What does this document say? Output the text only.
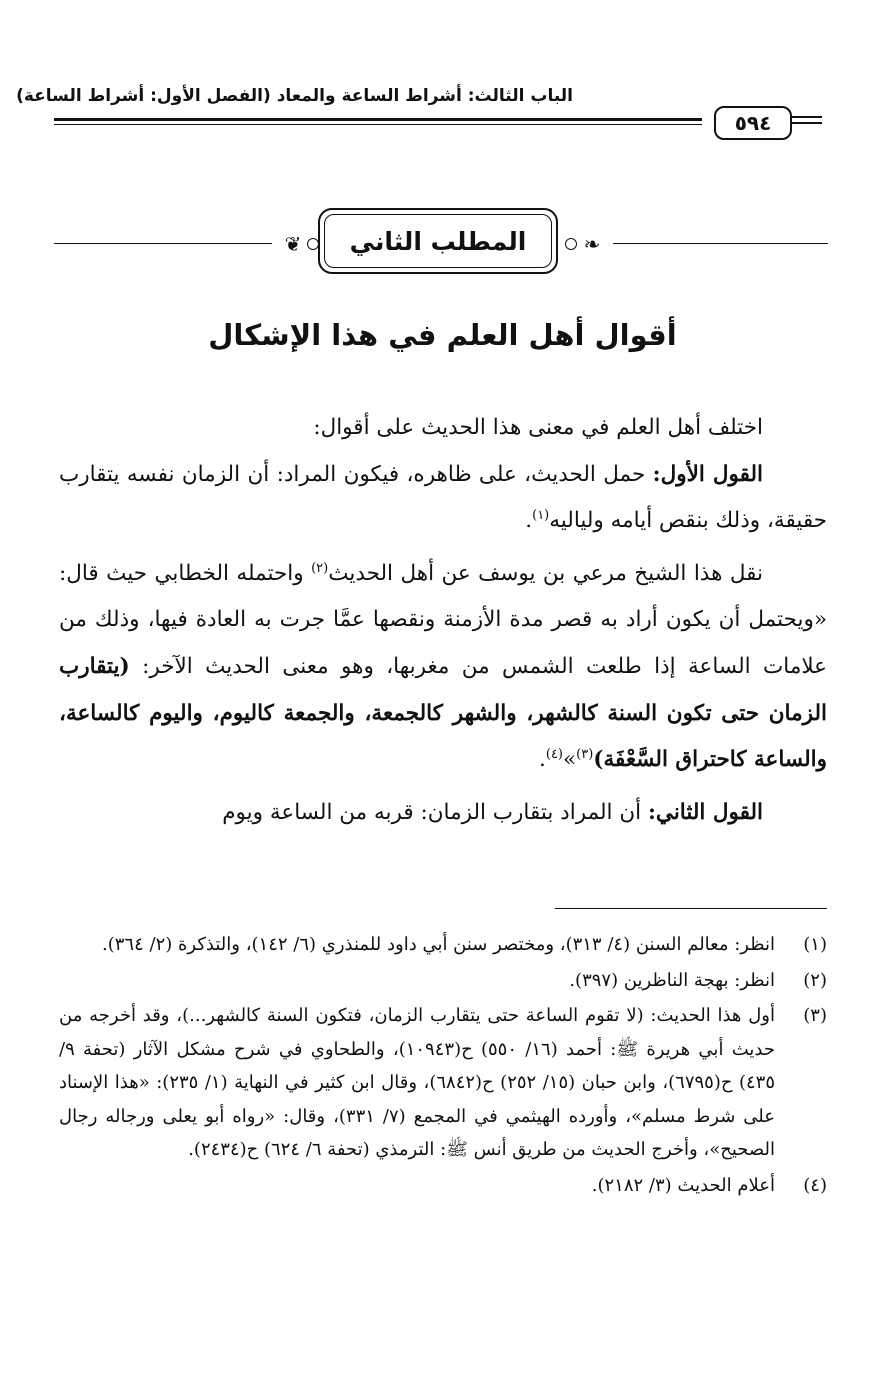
الباب الثالث: أشراط الساعة والمعاد (الفصل الأول: أشراط الساعة)
٥٩٤
❦	المطلب الثاني	❧
أقوال أهل العلم في هذا الإشكال

اختلف أهل العلم في معنى هذا الحديث على أقوال:

القول الأول: حمل الحديث، على ظاهره، فيكون المراد: أن الزمان نفسه يتقارب حقيقة، وذلك بنقص أيامه ولياليه$^{(١)}$.

نقل هذا الشيخ مرعي بن يوسف عن أهل الحديث$^{(٢)}$ واحتمله الخطابي حيث قال: «ويحتمل أن يكون أراد به قصر مدة الأزمنة ونقصها عمَّا جرت به العادة فيها، وذلك من علامات الساعة إذا طلعت الشمس من مغربها، وهو معنى الحديث الآخر: (يتقارب الزمان حتى تكون السنة كالشهر، والشهر كالجمعة، والجمعة كاليوم، واليوم كالساعة، والساعة كاحتراق السَّعْفَة)$^{(٣)}$»$^{(٤)}$.

القول الثاني: أن المراد بتقارب الزمان: قربه من الساعة ويوم

(١)
انظر: معالم السنن (٤/ ٣١٣)، ومختصر سنن أبي داود للمنذري (٦/ ١٤٢)، والتذكرة (٢/ ٣٦٤).
(٢)
انظر: بهجة الناظرين (٣٩٧).
(٣)
أول هذا الحديث: (لا تقوم الساعة حتى يتقارب الزمان، فتكون السنة كالشهر...)، وقد أخرجه من حديث أبي هريرة ﷺ: أحمد (١٦/ ٥٥٠) ح(١٠٩٤٣)، والطحاوي في شرح مشكل الآثار (تحفة ٩/ ٤٣٥) ح(٦٧٩٥)، وابن حبان (١٥/ ٢٥٢) ح(٦٨٤٢)، وقال ابن كثير في النهاية (١/ ٢٣٥): «هذا الإسناد على شرط مسلم»، وأورده الهيثمي في المجمع (٧/ ٣٣١)، وقال: «رواه أبو يعلى ورجاله رجال الصحيح»، وأخرج الحديث من طريق أنس ﷺ: الترمذي (تحفة ٦/ ٦٢٤) ح(٢٤٣٤).
(٤)
أعلام الحديث (٣/ ٢١٨٢).
